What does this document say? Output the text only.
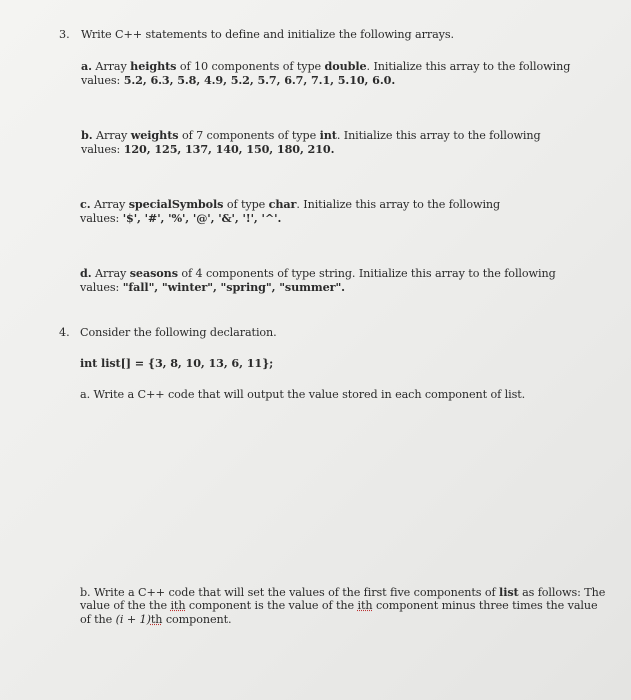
3. Write C++ statements to define and initialize the following arrays.
a. Array heights of 10 components of type double. Initialize this array to the following
values: 5.2, 6.3, 5.8, 4.9, 5.2, 5.7, 6.7, 7.1, 5.10, 6.0.
b. Array weights of 7 components of type int. Initialize this array to the following
values: 120, 125, 137, 140, 150, 180, 210.
c. Array specialSymbols of type char. Initialize this array to the following
values: '$', '#', '%', '@', '&', '!', '^'.
d. Array seasons of 4 components of type string. Initialize this array to the following
values: "fall", "winter", "spring", "summer".
4. Consider the following declaration.
int list[] = {3, 8, 10, 13, 6, 11};
a. Write a C++ code that will output the value stored in each component of list.
b. Write a C++ code that will set the values of the first five components of list as follows: The
value of the the ith component is the value of the ith component minus three times the value
of the (i + 1)th component.
